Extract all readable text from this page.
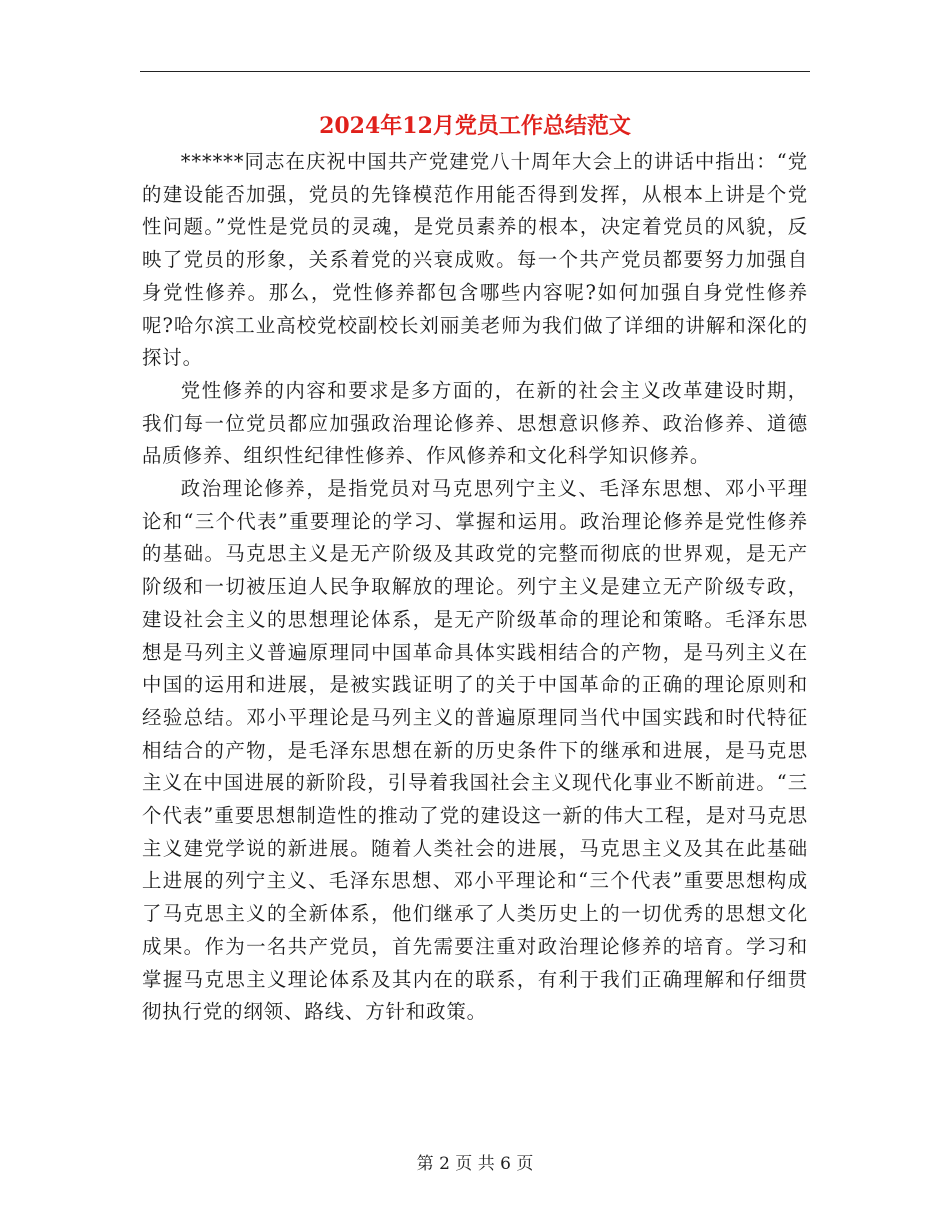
2024年12月党员工作总结范文

******同志在庆祝中国共产党建党八十周年大会上的讲话中指出：“党的建设能否加强，党员的先锋模范作用能否得到发挥，从根本上讲是个党性问题。”党性是党员的灵魂，是党员素养的根本，决定着党员的风貌，反映了党员的形象，关系着党的兴衰成败。每一个共产党员都要努力加强自身党性修养。那么，党性修养都包含哪些内容呢?如何加强自身党性修养呢?哈尔滨工业高校党校副校长刘丽美老师为我们做了详细的讲解和深化的探讨。

党性修养的内容和要求是多方面的，在新的社会主义改革建设时期，我们每一位党员都应加强政治理论修养、思想意识修养、政治修养、道德品质修养、组织性纪律性修养、作风修养和文化科学知识修养。

政治理论修养，是指党员对马克思列宁主义、毛泽东思想、邓小平理论和“三个代表”重要理论的学习、掌握和运用。政治理论修养是党性修养的基础。马克思主义是无产阶级及其政党的完整而彻底的世界观，是无产阶级和一切被压迫人民争取解放的理论。列宁主义是建立无产阶级专政，建设社会主义的思想理论体系，是无产阶级革命的理论和策略。毛泽东思想是马列主义普遍原理同中国革命具体实践相结合的产物，是马列主义在中国的运用和进展，是被实践证明了的关于中国革命的正确的理论原则和经验总结。邓小平理论是马列主义的普遍原理同当代中国实践和时代特征相结合的产物，是毛泽东思想在新的历史条件下的继承和进展，是马克思主义在中国进展的新阶段，引导着我国社会主义现代化事业不断前进。“三个代表”重要思想制造性的推动了党的建设这一新的伟大工程，是对马克思主义建党学说的新进展。随着人类社会的进展，马克思主义及其在此基础上进展的列宁主义、毛泽东思想、邓小平理论和“三个代表”重要思想构成了马克思主义的全新体系，他们继承了人类历史上的一切优秀的思想文化成果。作为一名共产党员，首先需要注重对政治理论修养的培育。学习和掌握马克思主义理论体系及其内在的联系，有利于我们正确理解和仔细贯彻执行党的纲领、路线、方针和政策。

第 2 页 共 6 页
